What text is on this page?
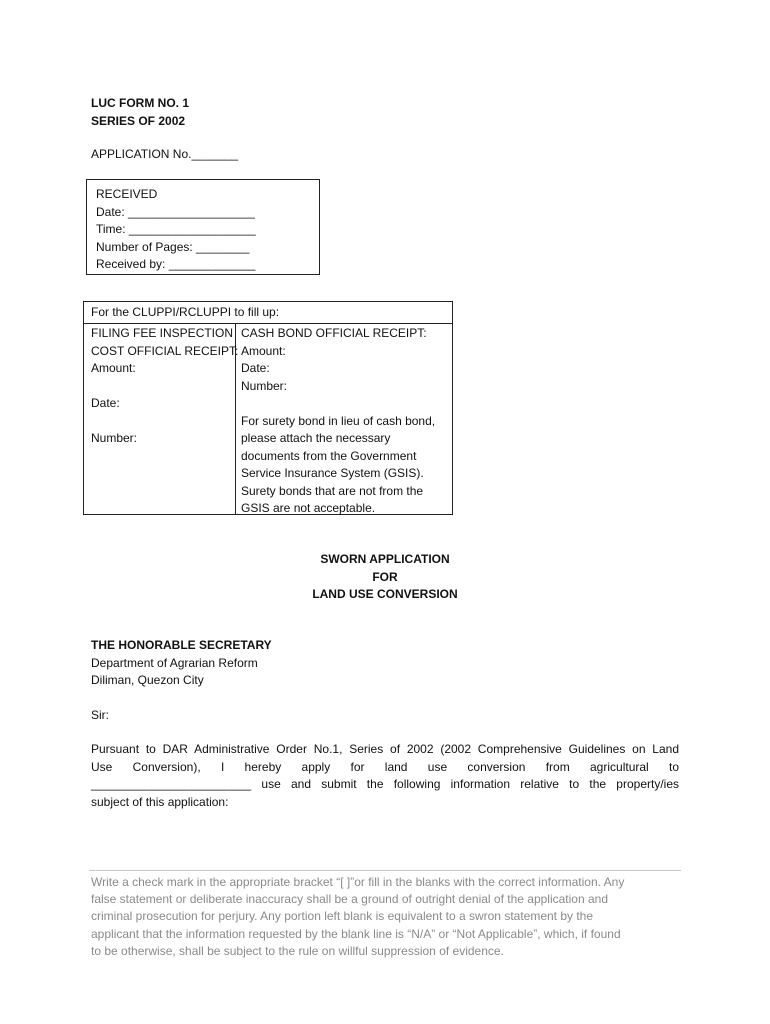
LUC FORM NO. 1
SERIES OF 2002
APPLICATION No._______
RECEIVED
Date: ___________________
Time: ___________________
Number of Pages: ________
Received by: _____________
For the CLUPPI/RCLUPPI to fill up:
FILING FEE INSPECTION
COST OFFICIAL RECEIPT:
Amount:

Date:

Number:
CASH BOND OFFICIAL RECEIPT:
Amount:
Date:
Number:

For surety bond in lieu of cash bond,
please attach the necessary
documents from the Government
Service Insurance System (GSIS).
Surety bonds that are not from the
GSIS are not acceptable.
SWORN APPLICATION
FOR
LAND USE CONVERSION
THE HONORABLE SECRETARY
Department of Agrarian Reform
Diliman, Quezon City
Sir:
Pursuant to DAR Administrative Order No.1, Series of 2002 (2002 Comprehensive Guidelines on Land
Use Conversion), I hereby apply for land use conversion from agricultural to
________________________ use and submit the following information relative to the property/ies
subject of this application:
Write a check mark in the appropriate bracket “[ ]”or fill in the blanks with the correct information. Any
false statement or deliberate inaccuracy shall be a ground of outright denial of the application and
criminal prosecution for perjury. Any portion left blank is equivalent to a swron statement by the
applicant that the information requested by the blank line is “N/A” or “Not Applicable”, which, if found
to be otherwise, shall be subject to the rule on willful suppression of evidence.
